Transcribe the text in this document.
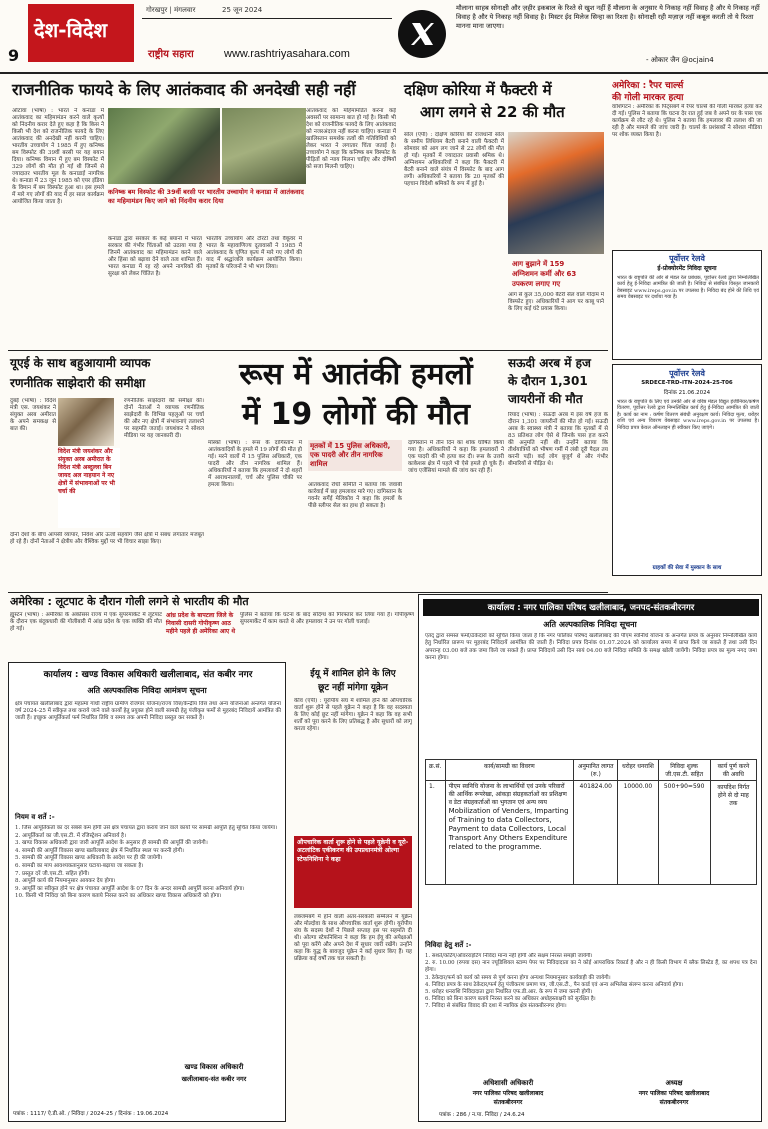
9
देश-विदेश
गोरखपुर | मंगलवार	25 जून 2024
राष्ट्रीय सहारा	www.rashtriyasahara.com
मौलाना साहब सोनाक्षी और ज़हीर इकबाल के रिश्ते से खुश नहीं हैं मौलाना के अनुसार ये निकाह नहीं विवाह है और ये निकाह नहीं विवाह है और ये निकाह नहीं विवाह है। मिस्टर ईद मिलेज सिन्हा का रिश्ता है। सोनाक्षी रही मज़ाज़ नहीं कबूल करती तो ये रिश्ता मानना माना जाएगा।
- ओकार जैन @ocjain4
राजनीतिक फायदे के लिए आतंकवाद की अनदेखी सही नहीं
ओटावा (भाषा) : भारत ने कनाडा में आतंकवाद का महिमामंडन करने वाले कृत्यों को निंदनीय करार देते हुए कहा है कि किस ने किसी भी देश को राजनीतिक फायदे के लिए आतंकवाद की अनदेखी नहीं करनी चाहिए। भारतीय उच्चायोग ने 1985 में हुए कनिष्क बम विस्फोट की 39वीं बरसी पर यह बयान दिया। कनिष्क विमान में हुए बम विस्फोट में 329 लोगों की मौत हो गई थी जिनमें से ज्यादातर भारतीय मूल के कनाडाई नागरिक थे। कनाडा में 23 जून 1985 को एयर इंडिया के विमान में बम विस्फोट हुआ था। इस हमले में मारे गए लोगों की याद में हर साल कार्यक्रम आयोजित किया जाता है।
कनिष्क बम विस्फोट की 39वीं बरसी पर भारतीय उच्चायोग ने कनाडा में आतंकवाद का महिमामंडन किए जाने को निंदनीय करार दिया
कनाडा द्वारा सरकार के कई बयानों में भारत सरकार की गंभीर चिंताओं को उठाया गया है जिनमें आतंकवाद का महिमामंडन करने वाले और हिंसा को बढ़ावा देने वाले तत्व शामिल हैं। भारत कनाडा में रह रहे अपने नागरिकों की सुरक्षा को लेकर चिंतित है।
भारतीय उच्चायोग और टोरंटो तथा वैंकूवर में भारत के महावाणिज्य दूतावासों ने 1985 में आतंकवाद के घृणित कृत्य में मारे गए लोगों की याद में श्रद्धांजलि कार्यक्रम आयोजित किया। मृतकों के परिजनों ने भी भाग लिया।
आतंकवाद को महिमामंडित करना कई अवसरों पर सामान्य बात हो गई है। किसी भी देश को राजनीतिक फायदे के लिए आतंकवाद को नजरअंदाज नहीं करना चाहिए। कनाडा में खालिस्तान समर्थक तत्वों की गतिविधियों को लेकर भारत ने लगातार चिंता जताई है। उच्चायोग ने कहा कि कनिष्क बम विस्फोट के पीड़ितों को न्याय मिलना चाहिए और दोषियों को सजा मिलनी चाहिए।
दक्षिण कोरिया में फैक्टरी में
आग लगने से 22 की मौत
सोल (एपी) : दक्षिण कोरिया की राजधानी सोल के समीप लिथियम बैटरी बनाने वाली फैक्टरी में सोमवार को आग लग जाने से 22 लोगों की मौत हो गई। मृतकों में ज्यादातर प्रवासी श्रमिक थे। अग्निशमन अधिकारियों ने कहा कि फैक्टरी में बैटरी बनाने वाले संयंत्र में विस्फोट के बाद आग लगी। अधिकारियों ने बताया कि 20 मृतकों की पहचान विदेशी श्रमिकों के रूप में हुई है।
आग बुझाने में 159
अग्निशमन कर्मी और 63
उपकरण लगाए गए
आग से कुल 35,000 बैटरी सेल वाले गोदाम में विस्फोट हुए। अधिकारियों ने आग पर काबू पाने के लिए कई घंटे प्रयास किया।
अमेरिका : रैपर चार्ल्स
की गोली मारकर हत्या
वाशिंगटन : अमेरिका के पिट्सबर्ग में रैपर चार्ल्स की गोली मारकर हत्या कर दी गई। पुलिस ने बताया कि घटना देर रात हुई जब वे अपने घर के पास एक कार्यक्रम से लौट रहे थे। पुलिस ने बताया कि हमलावर की तलाश की जा रही है और मामले की जांच जारी है। चार्ल्स के प्रशंसकों ने सोशल मीडिया पर शोक व्यक्त किया है।
पूर्वोत्तर रेलवे
ई-प्रोक्योरमेंट निविदा सूचना
भारत के राष्ट्रपति की ओर से मंडल रेल प्रबंधक, पूर्वोत्तर रेलवे द्वारा निम्नलिखित कार्य हेतु ई-निविदा आमंत्रित की जाती है। निविदा से संबंधित विस्तृत जानकारी वेबसाइट www.ireps.gov.in पर उपलब्ध है। निविदा बंद होने की तिथि एवं समय वेबसाइट पर दर्शाया गया है।
पूर्वोत्तर रेलवे
SRDECE-TRD-ITN-2024-25-T06
दिनांक 21.06.2024
भारत के राष्ट्रपति के लिए एवं उनकी ओर से वरिष्ठ मंडल विद्युत इंजीनियर/कर्षण वितरण, पूर्वोत्तर रेलवे द्वारा निम्नलिखित कार्य हेतु ई-निविदा आमंत्रित की जाती है। कार्य का नाम : कर्षण वितरण संबंधी अनुरक्षण कार्य। निविदा मूल्य, धरोहर राशि एवं अन्य विवरण वेबसाइट www.ireps.gov.in पर उपलब्ध है। निविदा प्रपत्र केवल ऑनलाइन ही स्वीकार किए जाएंगे।
ग्राहकों की सेवा में मुस्कान के साथ
यूएई के साथ बहुआयामी व्यापक
रणनीतिक साझेदारी की समीक्षा
दुबई (भाषा) : विदेश मंत्री एस. जयशंकर ने संयुक्त अरब अमीरात के अपने समकक्ष से बात की।
विदेश मंत्री जयशंकर और संयुक्त अरब अमीरात के विदेश मंत्री अब्दुल्ला बिन जायद अल नाहयान ने नए क्षेत्रों में संभावनाओं पर भी चर्चा की
रणनीतिक साझेदारी की समीक्षा की। दोनों नेताओं ने व्यापक रणनीतिक साझेदारी के विभिन्न पहलुओं पर चर्चा की और नए क्षेत्रों में संभावनाएं तलाशने पर सहमति जताई। जयशंकर ने सोशल मीडिया पर यह जानकारी दी।
दोनों देशों के बीच आपसी व्यापार, निवेश और ऊर्जा सहयोग जैसे क्षेत्रों में संबंध लगातार मजबूत हो रहे हैं। दोनों नेताओं ने क्षेत्रीय और वैश्विक मुद्दों पर भी विचार साझा किए।
रूस में आतंकी हमलों
में 19 लोगों की मौत
मॉस्को (भाषा) : रूस के दागिस्तान में आतंकवादियों के हमले में 19 लोगों की मौत हो गई। मरने वालों में 15 पुलिस अधिकारी, एक पादरी और तीन नागरिक शामिल हैं। अधिकारियों ने बताया कि हमलावरों ने दो शहरों में आराधनालयों, चर्च और पुलिस चौकी पर हमला किया।
मृतकों में 15 पुलिस अधिकारी, एक पादरी और तीन नागरिक शामिल
आतंकवाद रोधी समिति ने बताया कि जवाबी कार्रवाई में छह हमलावर मारे गए। दागिस्तान के गवर्नर सर्गेई मेलिकोव ने कहा कि हमलों के पीछे स्लीपर सेल का हाथ हो सकता है।
दागिस्तान में तीन दिन का शोक घोषित किया गया है। अधिकारियों ने कहा कि हमलावरों ने एक पादरी की भी हत्या कर दी। रूस के उत्तरी काकेशस क्षेत्र में पहले भी ऐसे हमले हो चुके हैं। जांच एजेंसियां मामले की जांच कर रही हैं।
सऊदी अरब में हज
के दौरान 1,301
जायरीनों की मौत
रियाद (भाषा) : सऊदी अरब में इस वर्ष हज के दौरान 1,301 जायरीनों की मौत हो गई। सऊदी अरब के स्वास्थ्य मंत्री ने बताया कि मृतकों में से 83 प्रतिशत लोग ऐसे थे जिनके पास हज करने की अनुमति नहीं थी। उन्होंने बताया कि तीर्थयात्रियों को भीषण गर्मी में लंबी दूरी पैदल तय करनी पड़ी। कई लोग बुजुर्ग थे और गंभीर बीमारियों से पीड़ित थे।
अमेरिका : लूटपाट के दौरान गोली लगने से भारतीय की मौत
ह्यूस्टन (भाषा) : अमेरिका के अर्कांसस राज्य में एक सुपरमार्केट में लूटपाट के दौरान एक बंदूकधारी की गोलीबारी में आंध्र प्रदेश के एक व्यक्ति की मौत हो गई।
आंध्र प्रदेश के बापटला जिले के निवासी दासरी गोपीकृष्ण आठ महीने पहले ही अमेरिका आए थे
पुलिस ने बताया कि घटना के बाद संदिग्ध को गिरफ्तार कर लिया गया है। गोपीकृष्ण सुपरमार्केट में काम करते थे और हमलावर ने उन पर गोली चलाई।
कार्यालय : खण्ड विकास अधिकारी खलीलाबाद, संत कबीर नगर
अति अल्पकालिक निविदा आमंत्रण सूचना
क्षेत्र पंचायत खलीलाबाद द्वारा महात्मा गांधी राष्ट्रीय ग्रामीण रोजगार योजना/राज्य वित्त/केन्द्रीय वित्त तथा अन्य योजनाओं अन्तर्गत योजना वर्ष 2024-25 में स्वीकृत तथा कराये जाने वाले कार्यों हेतु प्रयुक्त होने वाली सामग्री हेतु पंजीकृत फर्मों से मुहरबंद निविदायें आमंत्रित की जाती हैं। इच्छुक आपूर्तिकर्ता फर्म निर्धारित तिथि व समय तक अपनी निविदा प्रस्तुत कर सकते हैं।
नियम व शर्ते :-
1. जिस आपूर्तिकर्ता का दर सबसे कम होगी उसे क्षेत्र पंचायत द्वारा कराये जाने वाले कार्यों पर सामग्री आपूर्ति हेतु सूचित किया जायेगा।
2. आपूर्तिकर्ता का जी.एस.टी. में रजिस्ट्रेशन अनिवार्य है।
3. खण्ड विकास अधिकारी द्वारा जारी आपूर्ति आदेश के अनुसार ही सामग्री की आपूर्ति की जायेगी।
4. सामग्री की आपूर्ति विकास खण्ड खलीलाबाद क्षेत्र में निर्धारित स्थल पर करनी होगी।
5. सामग्री की आपूर्ति विकास खण्ड अधिकारी के आदेश पर ही की जायेगी।
6. सामग्री का माप आवश्यकतानुसार घटाया-बढ़ाया जा सकता है।
7. प्रस्तुत दरें जी.एस.टी. सहित होंगी।
8. आपूर्ति कार्य की नियमानुसार आयकर देय होगा।
9. आपूर्ति का स्वीकृत होने पर क्षेत्र पंचायत आपूर्ति आदेश के 07 दिन के अन्दर सामग्री आपूर्ति करना अनिवार्य होगा।
10. किसी भी निविदा को बिना कारण बताये निरस्त करने का अधिकार खण्ड विकास अधिकारी को होगा।
खण्ड विकास अधिकारी
खलीलाबाद-संत कबीर नगर
पत्रांक : 1117/ ऐ.डी.ओ. / निविदा / 2024-25 / दिनांक : 19.06.2024
ईयू में शामिल होने के लिए
छूट नहीं मांगेगा यूक्रेन
कीव (एपी) : यूरोपीय संघ में शामिल होने की औपचारिक वार्ता शुरू होने से पहले यूक्रेन ने कहा है कि वह सदस्यता के लिए कोई छूट नहीं मांगेगा। यूक्रेन ने कहा कि वह सभी शर्तों को पूरा करने के लिए प्रतिबद्ध है और सुधारों को लागू करता रहेगा।
औपचारिक वार्ता शुरू होने से पहले यूक्रेनी व यूरो-अटलांटिक एकीकरण की उपप्रधानमंत्री ओल्गा स्टेफनिशिना ने कहा
लक्जमबर्ग में होने वाली अंतर-सरकारी सम्मेलन में यूक्रेन और मोल्दोवा के साथ औपचारिक वार्ता शुरू होगी। यूरोपीय संघ के सदस्य देशों ने पिछले सप्ताह इस पर सहमति दी थी। ओल्गा स्टेफनिशिना ने कहा कि हम ईयू की अपेक्षाओं को पूरा करेंगे और अपने देश में सुधार जारी रखेंगे। उन्होंने कहा कि युद्ध के बावजूद यूक्रेन ने कई सुधार किए हैं। यह प्रक्रिया कई वर्षों तक चल सकती है।
कार्यालय : नगर पालिका परिषद खलीलाबाद, जनपद-संतकबीरनगर
अति अल्पकालिक निविदा सूचना
एतद् द्वारा समस्त फर्मों/ठेकेदारों को सूचित किया जाता है कि नगर पालिका परिषद खलीलाबाद की पीएम स्वनिधि योजना के अन्तर्गत प्रपत्र के अनुसार निम्नलिखित कार्य हेतु निर्धारित प्रारूप पर मुहरबंद निविदायें आमंत्रित की जाती हैं। निविदा प्रपत्र दिनांक 01.07.2024 को कार्यालय समय में प्राप्त किये जा सकते हैं तथा उसी दिन अपरान्ह 03.00 बजे तक जमा किये जा सकते हैं। प्राप्त निविदायें उसी दिन सायं 04.00 बजे निविदा समिति के समक्ष खोली जायेंगी। निविदा प्रपत्र का मूल्य नगद जमा करना होगा।
क्र.सं.	कार्य/सामग्री का विवरण	अनुमानित लागत (रु.)	धरोहर धनराशि	निविदा शुल्क जी.एस.टी. सहित	कार्य पूर्ण करने की अवधि
1.	पीएम स्वनिधि योजना के लाभार्थियों एवं उनके परिवारों की आर्थिक रूपरेखा, आंकड़ा संग्रहकर्ताओं का प्रशिक्षण व डेटा संग्रहकर्ताओं का भुगतान एवं अन्य व्यय Mobilization of Venders, Imparting of Training to data Collectors, Payment to data Collectors, Local Transport Any Others Expenditure related to the programme.	401824.00	10000.00	500+90=590	कार्यादेश निर्गत होने से दो माह तक
निविदा हेतु शर्ते :-
1. सशर्त/कटिंग/ओवरराइटिंग निविदा मान्य नहीं होगी और सक्षम निरस्त समझी जायेगी।
2. रु. 10.00 (रुपया दस) नान ज्यूडिशियल स्टाम्प पेपर पर निविदादाता का ने कोई आपराधिक रिकार्ड है और न ही किसी विभाग में ब्लैक लिस्टेड हैं, का शपथ पत्र देना होगा।
3. ठेकेदार/फर्म को कार्य को समय से पूर्ण करना होगा अन्यथा नियमानुसार कार्यवाही की जायेगी।
4. निविदा प्रपत्र के साथ ठेकेदार/फर्म हेतु पंजीकरण प्रमाण पत्र, जी.एस.टी., पैन कार्ड एवं अन्य अभिलेख संलग्न करना अनिवार्य होगा।
5. धरोहर धनराशि निविदादाता द्वारा निर्धारित एफ.डी.आर. के रूप में जमा करनी होगी।
6. निविदा को बिना कारण बताये निरस्त करने का अधिकार अधोहस्ताक्षरी को सुरक्षित है।
7. निविदा से संबंधित विवाद की दशा में न्यायिक क्षेत्र संतकबीरनगर होगा।
अधिशासी अधिकारी
नगर पालिका परिषद खलीलाबाद
संतकबीरनगर
अध्यक्ष
नगर पालिका परिषद खलीलाबाद
संतकबीरनगर
पत्रांक : 286 / न.पा. निविदा / 24.6.24
